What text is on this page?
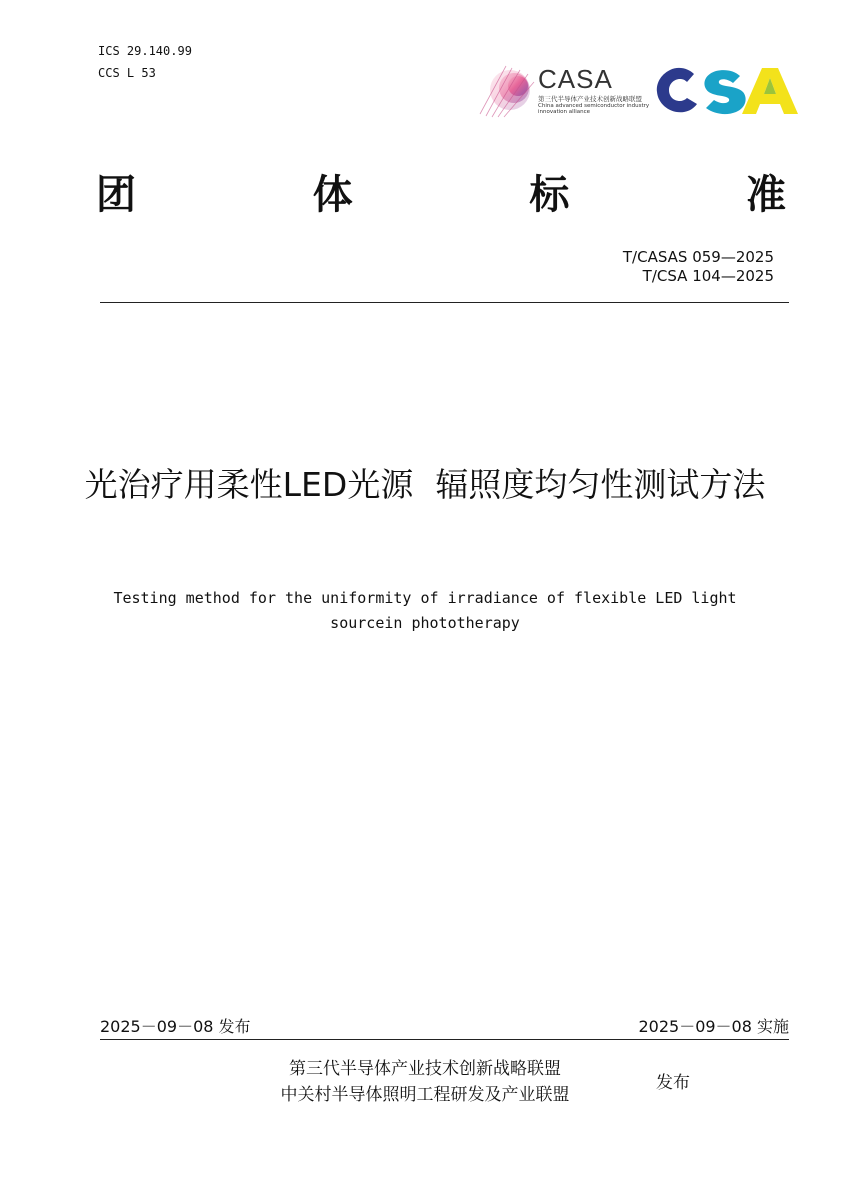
ICS 29.140.99
CCS L 53	CASA
第三代半导体产业技术创新战略联盟
China advanced semiconductor industry
innovation alliance
团	体	标	准
T/CASAS 059—2025
T/CSA 104—2025
光治疗用柔性LED光源 辐照度均匀性测试方法
Testing method for the uniformity of irradiance of flexible LED light sourcein phototherapy
2025－09－08 发布	2025－09－08 实施
第三代半导体产业技术创新战略联盟
中关村半导体照明工程研发及产业联盟
发布
